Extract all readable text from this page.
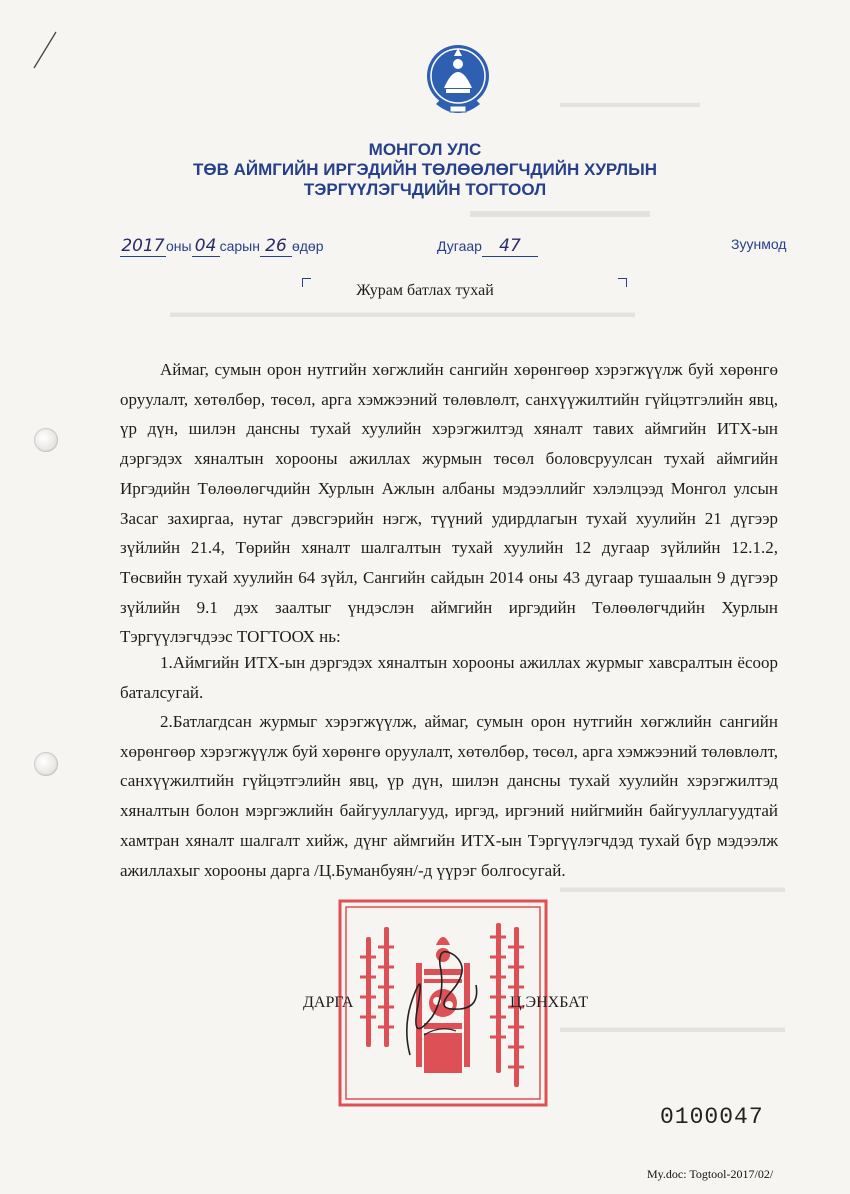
▬▬▬▬▬▬▬▬▬▬
▬▬▬▬▬▬▬▬▬
▬▬▬▬▬▬▬▬▬▬▬▬▬▬▬▬▬▬▬▬▬▬▬▬▬▬▬▬▬▬▬
▬▬▬▬▬▬▬▬▬▬▬▬▬▬▬
▬▬▬▬▬▬▬▬▬▬▬▬▬▬▬
МОНГОЛ УЛС
ТӨВ АЙМГИЙН ИРГЭДИЙН ТӨЛӨӨЛӨГЧДИЙН ХУРЛЫН
ТЭРГҮҮЛЭГЧДИЙН ТОГТООЛ
2017оны 04 сарын 26 өдөр	Дугаар 47	Зуунмод
Журам батлах тухай
Аймаг, сумын орон нутгийн хөгжлийн сангийн хөрөнгөөр хэрэгжүүлж буй хөрөнгө оруулалт, хөтөлбөр, төсөл, арга хэмжээний төлөвлөлт, санхүүжилтийн гүйцэтгэлийн явц, үр дүн, шилэн дансны тухай хуулийн хэрэгжилтэд хяналт тавих аймгийн ИТХ-ын дэргэдэх хяналтын хорооны ажиллах журмын төсөл боловсруулсан тухай аймгийн Иргэдийн Төлөөлөгчдийн Хурлын Ажлын албаны мэдээллийг хэлэлцээд Монгол улсын Засаг захиргаа, нутаг дэвсгэрийн нэгж, түүний удирдлагын тухай хуулийн 21 дүгээр зүйлийн 21.4, Төрийн хяналт шалгалтын тухай хуулийн 12 дугаар зүйлийн 12.1.2, Төсвийн тухай хуулийн 64 зүйл, Сангийн сайдын 2014 оны 43 дугаар тушаалын 9 дүгээр зүйлийн 9.1 дэх заалтыг үндэслэн аймгийн иргэдийн Төлөөлөгчдийн Хурлын Тэргүүлэгчдээс ТОГТООХ нь:
1.Аймгийн ИТХ-ын дэргэдэх хяналтын хорооны ажиллах журмыг хавсралтын ёсоор баталсугай.
2.Батлагдсан журмыг хэрэгжүүлж, аймаг, сумын орон нутгийн хөгжлийн сангийн хөрөнгөөр хэрэгжүүлж буй хөрөнгө оруулалт, хөтөлбөр, төсөл, арга хэмжээний төлөвлөлт, санхүүжилтийн гүйцэтгэлийн явц, үр дүн, шилэн дансны тухай хуулийн хэрэгжилтэд хяналтын болон мэргэжлийн байгууллагууд, иргэд, иргэний нийгмийн байгууллагуудтай хамтран хяналт шалгалт хийж, дүнг аймгийн ИТХ-ын Тэргүүлэгчдэд тухай бүр мэдээлж ажиллахыг хорооны дарга /Ц.Буманбуян/-д үүрэг болгосугай.
ДАРГА	Ц.ЭНХБАТ
0100047
My.doc: Togtool-2017/02/
